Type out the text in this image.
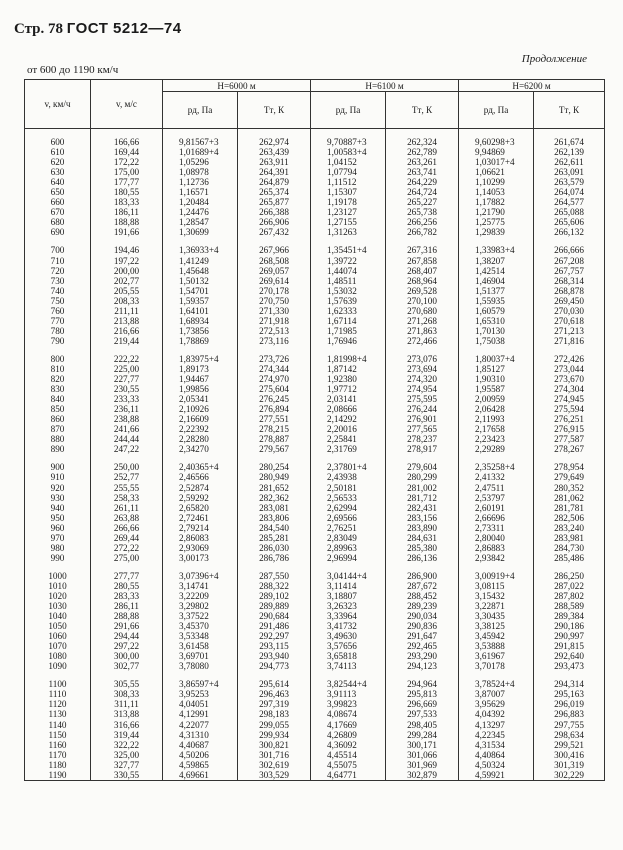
Стр. 78 ГОСТ 5212—74
Продолжение
от 600 до 1190 км/ч
v, км/ч	v, м/с	H=6000 м		H=6100 м		H=6200 м	
		pд, Па	Tᴛ, К	pд, Па	Tᴛ, К	pд, Па	Tᴛ, К
600	166,66	9,81567+3	262,974	9,70887+3	262,324	9,60298+3	261,674
610	169,44	1,01689+4	263,439	1,00583+4	262,789	9,94869	262,139
620	172,22	1,05296	263,911	1,04152	263,261	1,03017+4	262,611
630	175,00	1,08978	264,391	1,07794	263,741	1,06621	263,091
640	177,77	1,12736	264,879	1,11512	264,229	1,10299	263,579
650	180,55	1,16571	265,374	1,15307	264,724	1,14053	264,074
660	183,33	1,20484	265,877	1,19178	265,227	1,17882	264,577
670	186,11	1,24476	266,388	1,23127	265,738	1,21790	265,088
680	188,88	1,28547	266,906	1,27155	266,256	1,25775	265,606
690	191,66	1,30699	267,432	1,31263	266,782	1,29839	266,132

700	194,46	1,36933+4	267,966	1,35451+4	267,316	1,33983+4	266,666
710	197,22	1,41249	268,508	1,39722	267,858	1,38207	267,208
720	200,00	1,45648	269,057	1,44074	268,407	1,42514	267,757
730	202,77	1,50132	269,614	1,48511	268,964	1,46904	268,314
740	205,55	1,54701	270,178	1,53032	269,528	1,51377	268,878
750	208,33	1,59357	270,750	1,57639	270,100	1,55935	269,450
760	211,11	1,64101	271,330	1,62333	270,680	1,60579	270,030
770	213,88	1,68934	271,918	1,67114	271,268	1,65310	270,618
780	216,66	1,73856	272,513	1,71985	271,863	1,70130	271,213
790	219,44	1,78869	273,116	1,76946	272,466	1,75038	271,816

800	222,22	1,83975+4	273,726	1,81998+4	273,076	1,80037+4	272,426
810	225,00	1,89173	274,344	1,87142	273,694	1,85127	273,044
820	227,77	1,94467	274,970	1,92380	274,320	1,90310	273,670
830	230,55	1,99856	275,604	1,97712	274,954	1,95587	274,304
840	233,33	2,05341	276,245	2,03141	275,595	2,00959	274,945
850	236,11	2,10926	276,894	2,08666	276,244	2,06428	275,594
860	238,88	2,16609	277,551	2,14292	276,901	2,11993	276,251
870	241,66	2,22392	278,215	2,20016	277,565	2,17658	276,915
880	244,44	2,28280	278,887	2,25841	278,237	2,23423	277,587
890	247,22	2,34270	279,567	2,31769	278,917	2,29289	278,267

900	250,00	2,40365+4	280,254	2,37801+4	279,604	2,35258+4	278,954
910	252,77	2,46566	280,949	2,43938	280,299	2,41332	279,649
920	255,55	2,52874	281,652	2,50181	281,002	2,47511	280,352
930	258,33	2,59292	282,362	2,56533	281,712	2,53797	281,062
940	261,11	2,65820	283,081	2,62994	282,431	2,60191	281,781
950	263,88	2,72461	283,806	2,69566	283,156	2,66696	282,506
960	266,66	2,79214	284,540	2,76251	283,890	2,73311	283,240
970	269,44	2,86083	285,281	2,83049	284,631	2,80040	283,981
980	272,22	2,93069	286,030	2,89963	285,380	2,86883	284,730
990	275,00	3,00173	286,786	2,96994	286,136	2,93842	285,486

1000	277,77	3,07396+4	287,550	3,04144+4	286,900	3,00919+4	286,250
1010	280,55	3,14741	288,322	3,11414	287,672	3,08115	287,022
1020	283,33	3,22209	289,102	3,18807	288,452	3,15432	287,802
1030	286,11	3,29802	289,889	3,26323	289,239	3,22871	288,589
1040	288,88	3,37522	290,684	3,33964	290,034	3,30435	289,384
1050	291,66	3,45370	291,486	3,41732	290,836	3,38125	290,186
1060	294,44	3,53348	292,297	3,49630	291,647	3,45942	290,997
1070	297,22	3,61458	293,115	3,57656	292,465	3,53888	291,815
1080	300,00	3,69701	293,940	3,65818	293,290	3,61967	292,640
1090	302,77	3,78080	294,773	3,74113	294,123	3,70178	293,473

1100	305,55	3,86597+4	295,614	3,82544+4	294,964	3,78524+4	294,314
1110	308,33	3,95253	296,463	3,91113	295,813	3,87007	295,163
1120	311,11	4,04051	297,319	3,99823	296,669	3,95629	296,019
1130	313,88	4,12991	298,183	4,08674	297,533	4,04392	296,883
1140	316,66	4,22077	299,055	4,17669	298,405	4,13297	297,755
1150	319,44	4,31310	299,934	4,26809	299,284	4,22345	298,634
1160	322,22	4,40687	300,821	4,36092	300,171	4,31534	299,521
1170	325,00	4,50206	301,716	4,45514	301,066	4,40864	300,416
1180	327,77	4,59865	302,619	4,55075	301,969	4,50324	301,319
1190	330,55	4,69661	303,529	4,64771	302,879	4,59921	302,229
